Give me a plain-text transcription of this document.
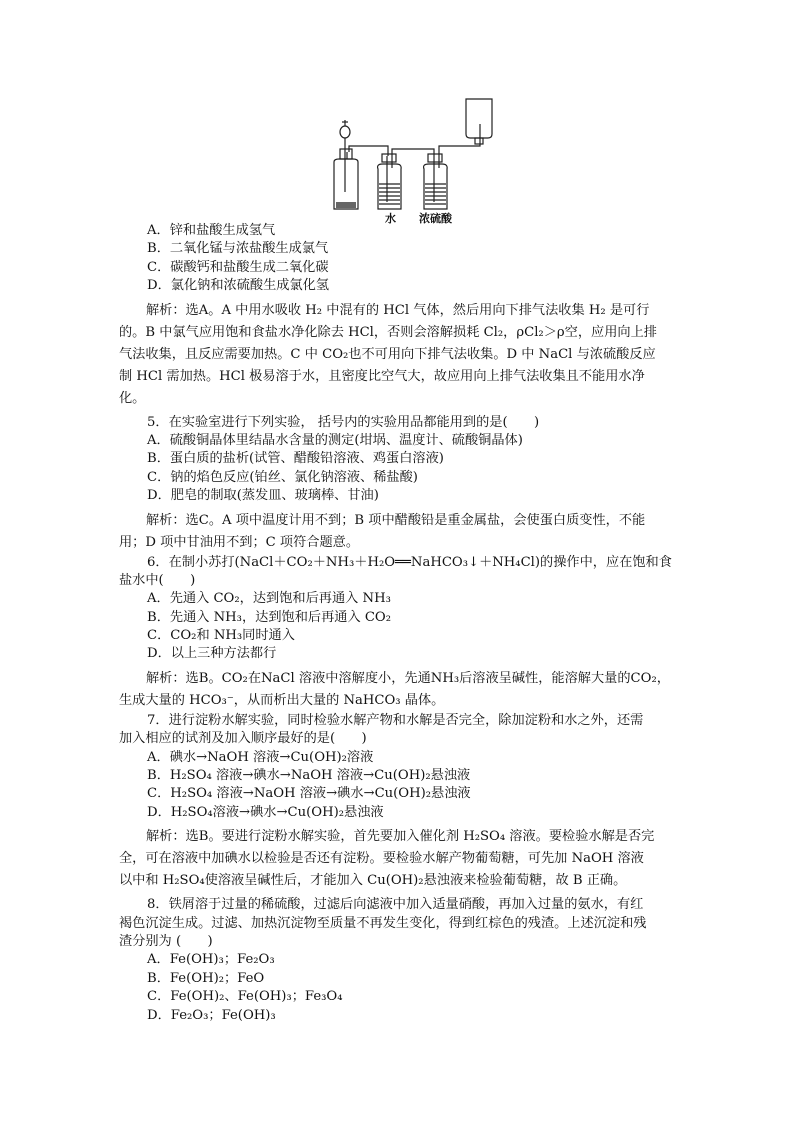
水 浓硫酸
A．锌和盐酸生成氢气
B．二氧化锰与浓盐酸生成氯气
C．碳酸钙和盐酸生成二氧化碳
D．氯化钠和浓硫酸生成氯化氢
解析：选A。A 中用水吸收 H₂ 中混有的 HCl 气体，然后用向下排气法收集 H₂ 是可行
的。B 中氯气应用饱和食盐水净化除去 HCl，否则会溶解损耗 Cl₂，ρCl₂＞ρ空，应用向上排
气法收集，且反应需要加热。C 中 CO₂也不可用向下排气法收集。D 中 NaCl 与浓硫酸反应
制 HCl 需加热。HCl 极易溶于水，且密度比空气大，故应用向上排气法收集且不能用水净
化。
5．在实验室进行下列实验， 括号内的实验用品都能用到的是(　　)
A．硫酸铜晶体里结晶水含量的测定(坩埚、温度计、硫酸铜晶体)
B．蛋白质的盐析(试管、醋酸铅溶液、鸡蛋白溶液)
C．钠的焰色反应(铂丝、氯化钠溶液、稀盐酸)
D．肥皂的制取(蒸发皿、玻璃棒、甘油)
解析：选C。A 项中温度计用不到；B 项中醋酸铅是重金属盐，会使蛋白质变性，不能
用；D 项中甘油用不到；C 项符合题意。
6．在制小苏打(NaCl＋CO₂＋NH₃＋H₂O══NaHCO₃↓＋NH₄Cl)的操作中，应在饱和食
盐水中(　　)
A．先通入 CO₂，达到饱和后再通入 NH₃
B．先通入 NH₃，达到饱和后再通入 CO₂
C．CO₂和 NH₃同时通入
D．以上三种方法都行
解析：选B。CO₂在NaCl 溶液中溶解度小，先通NH₃后溶液呈碱性，能溶解大量的CO₂，
生成大量的 HCO₃⁻，从而析出大量的 NaHCO₃ 晶体。
7．进行淀粉水解实验，同时检验水解产物和水解是否完全，除加淀粉和水之外，还需
加入相应的试剂及加入顺序最好的是(　　)
A．碘水→NaOH 溶液→Cu(OH)₂溶液
B．H₂SO₄ 溶液→碘水→NaOH 溶液→Cu(OH)₂悬浊液
C．H₂SO₄ 溶液→NaOH 溶液→碘水→Cu(OH)₂悬浊液
D．H₂SO₄溶液→碘水→Cu(OH)₂悬浊液
解析：选B。要进行淀粉水解实验，首先要加入催化剂 H₂SO₄ 溶液。要检验水解是否完
全，可在溶液中加碘水以检验是否还有淀粉。要检验水解产物葡萄糖，可先加 NaOH 溶液
以中和 H₂SO₄使溶液呈碱性后，才能加入 Cu(OH)₂悬浊液来检验葡萄糖，故 B 正确。
8．铁屑溶于过量的稀硫酸，过滤后向滤液中加入适量硝酸，再加入过量的氨水，有红
褐色沉淀生成。过滤、加热沉淀物至质量不再发生变化，得到红棕色的残渣。上述沉淀和残
渣分别为 (　　)
A．Fe(OH)₃；Fe₂O₃
B．Fe(OH)₂；FeO
C．Fe(OH)₂、Fe(OH)₃；Fe₃O₄
D．Fe₂O₃；Fe(OH)₃
